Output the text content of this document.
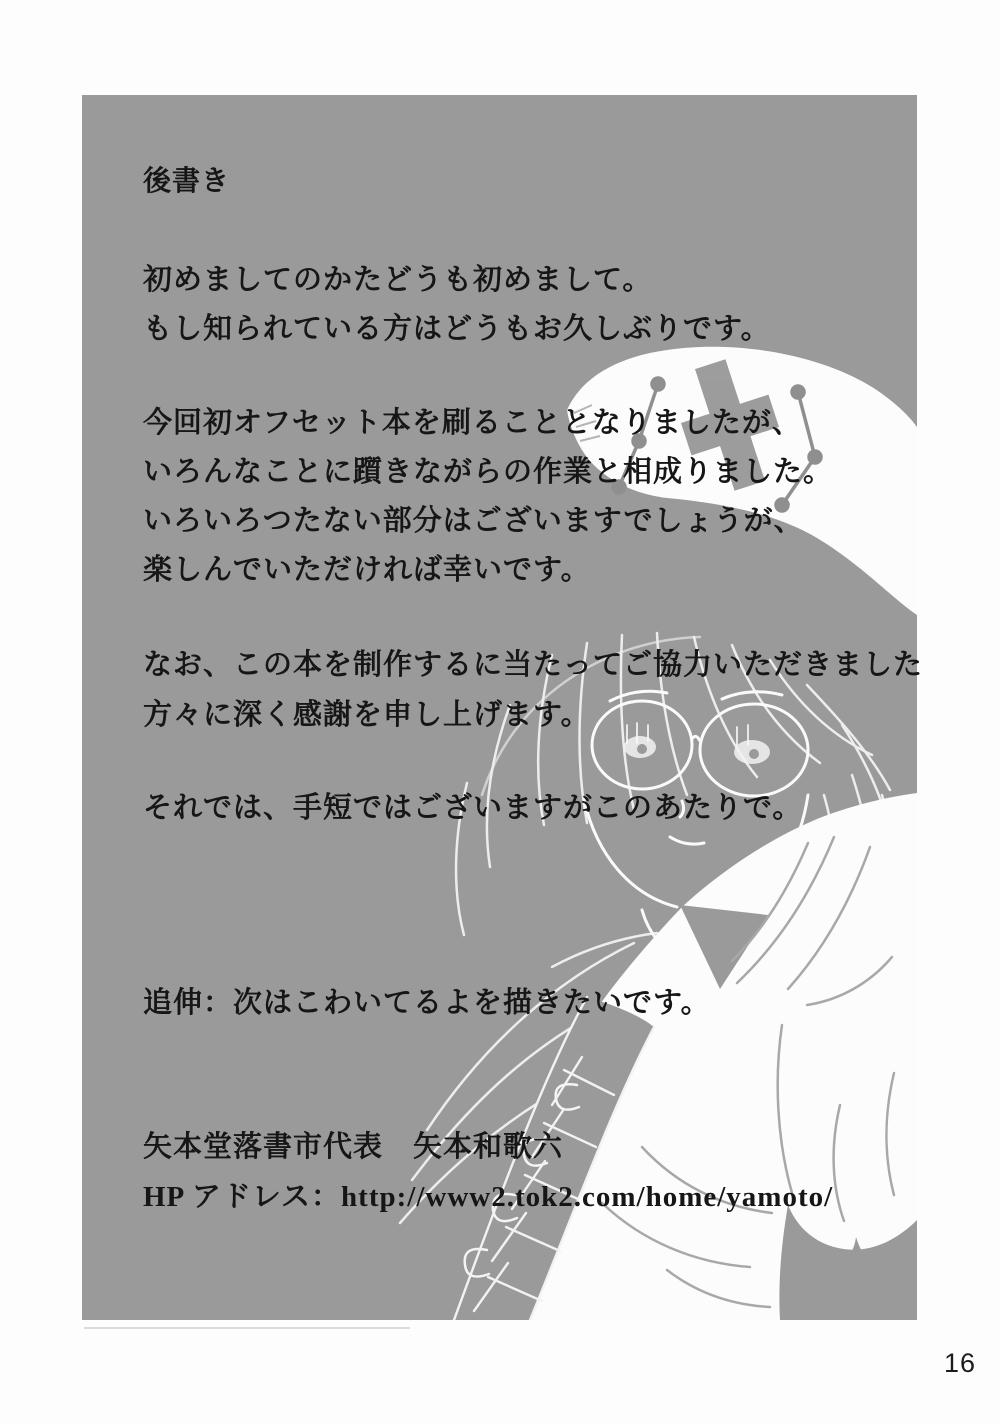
後書き
初めましてのかたどうも初めまして。
もし知られている方はどうもお久しぶりです。
今回初オフセット本を刷ることとなりましたが、
いろんなことに躓きながらの作業と相成りました。
いろいろつたない部分はございますでしょうが、
楽しんでいただければ幸いです。
なお、この本を制作するに当たってご協力いただきました
方々に深く感謝を申し上げます。
それでは、手短ではございますがこのあたりで。
追伸：次はこわいてるよを描きたいです。
矢本堂落書市代表　矢本和歌六
HP アドレス：http://www2.tok2.com/home/yamoto/
16
